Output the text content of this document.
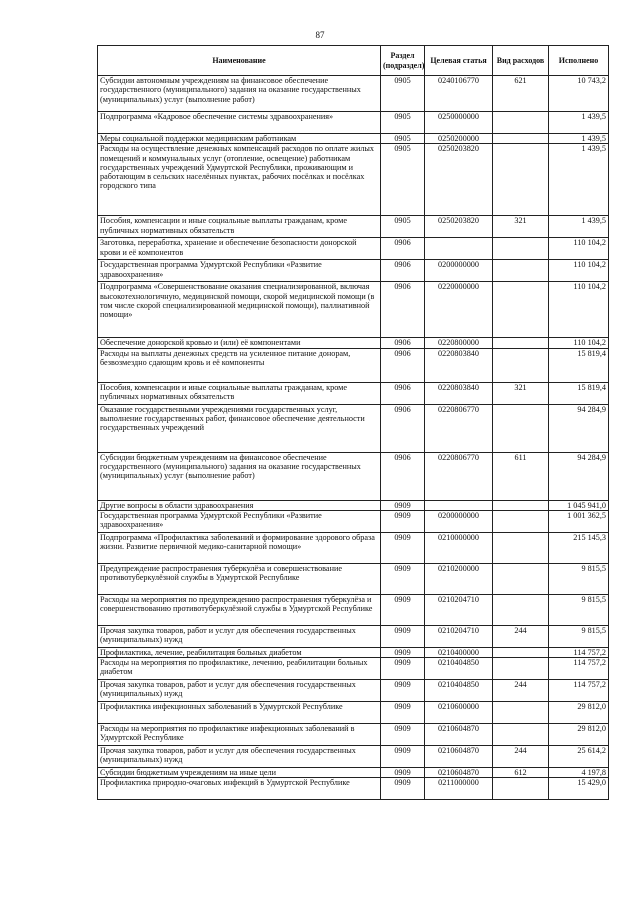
87
Наименование	Раздел (подраздел)	Целевая статья	Вид расходов	Исполнено
Субсидии автономным учреждениям на финансовое обеспечение государственного (муниципального) задания на оказание государственных (муниципальных) услуг (выполнение работ)	0905	0240106770	621	10 743,2
Подпрограмма «Кадровое обеспечение системы здравоохранения»	0905	0250000000		1 439,5
Меры социальной поддержки медицинским работникам	0905	0250200000		1 439,5
Расходы на осуществление денежных компенсаций расходов по оплате жилых помещений и коммунальных услуг (отопление, освещение) работникам государственных учреждений Удмуртской Республики, проживающим и работающим в сельских населённых пунктах, рабочих посёлках и посёлках городского типа	0905	0250203820		1 439,5
Пособия, компенсации и иные социальные выплаты гражданам, кроме публичных нормативных обязательств	0905	0250203820	321	1 439,5
Заготовка, переработка, хранение и обеспечение безопасности донорской крови и её компонентов	0906			110 104,2
Государственная программа Удмуртской Республики «Развитие здравоохранения»	0906	0200000000		110 104,2
Подпрограмма «Совершенствование оказания специализированной, включая высокотехнологичную, медицинской помощи, скорой медицинской помощи (в том числе скорой специализированной медицинской помощи), паллиативной помощи»	0906	0220000000		110 104,2
Обеспечение донорской кровью и (или) её компонентами	0906	0220800000		110 104,2
Расходы на выплаты денежных средств на усиленное питание донорам, безвозмездно сдающим кровь и её компоненты	0906	0220803840		15 819,4
Пособия, компенсации и иные социальные выплаты гражданам, кроме публичных нормативных обязательств	0906	0220803840	321	15 819,4
Оказание государственными учреждениями государственных услуг, выполнение государственных работ, финансовое обеспечение деятельности государственных учреждений	0906	0220806770		94 284,9
Субсидии бюджетным учреждениям на финансовое обеспечение государственного (муниципального) задания на оказание государственных (муниципальных) услуг (выполнение работ)	0906	0220806770	611	94 284,9
Другие вопросы в области здравоохранения	0909			1 045 941,0
Государственная программа Удмуртской Республики «Развитие здравоохранения»	0909	0200000000		1 001 362,5
Подпрограмма «Профилактика заболеваний и формирование здорового образа жизни. Развитие первичной медико-санитарной помощи»	0909	0210000000		215 145,3
Предупреждение распространения туберкулёза и совершенствование противотуберкулёзной службы в Удмуртской Республике	0909	0210200000		9 815,5
Расходы на мероприятия по предупреждению распространения туберкулёза и совершенствованию противотуберкулёзной службы в Удмуртской Республике	0909	0210204710		9 815,5
Прочая закупка товаров, работ и услуг для обеспечения государственных (муниципальных) нужд	0909	0210204710	244	9 815,5
Профилактика, лечение, реабилитация больных диабетом	0909	0210400000		114 757,2
Расходы на мероприятия по профилактике, лечению, реабилитации больных диабетом	0909	0210404850		114 757,2
Прочая закупка товаров, работ и услуг для обеспечения государственных (муниципальных) нужд	0909	0210404850	244	114 757,2
Профилактика инфекционных заболеваний в Удмуртской Республике	0909	0210600000		29 812,0
Расходы на мероприятия по профилактике инфекционных заболеваний в Удмуртской Республике	0909	0210604870		29 812,0
Прочая закупка товаров, работ и услуг для обеспечения государственных (муниципальных) нужд	0909	0210604870	244	25 614,2
Субсидии бюджетным учреждениям на иные цели	0909	0210604870	612	4 197,8
Профилактика природно-очаговых инфекций в Удмуртской Республике	0909	0211000000		15 429,0
